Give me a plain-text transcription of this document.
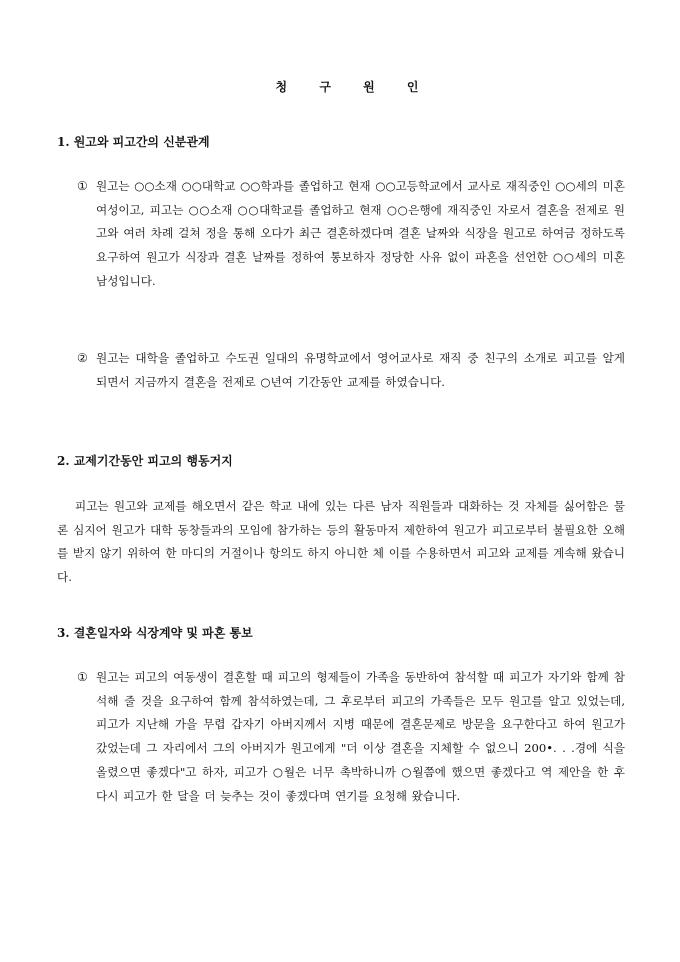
청 구 원 인
1. 원고와 피고간의 신분관계
① 원고는 ○○소재 ○○대학교 ○○학과를 졸업하고 현재 ○○고등학교에서 교사로 재직중인 ○○세의 미혼 여성이고, 피고는 ○○소재 ○○대학교를 졸업하고 현재 ○○은행에 재직중인 자로서 결혼을 전제로 원고와 여러 차례 걸쳐 정을 통해 오다가 최근 결혼하겠다며 결혼 날짜와 식장을 원고로 하여금 정하도록 요구하여 원고가 식장과 결혼 날짜를 정하여 통보하자 정당한 사유 없이 파혼을 선언한 ○○세의 미혼 남성입니다.
② 원고는 대학을 졸업하고 수도권 일대의 유명학교에서 영어교사로 재직 중 친구의 소개로 피고를 알게 되면서 지금까지 결혼을 전제로 ○년여 기간동안 교제를 하였습니다.
2. 교제기간동안 피고의 행동거지
피고는 원고와 교제를 해오면서 같은 학교 내에 있는 다른 남자 직원들과 대화하는 것 자체를 싫어함은 물론 심지어 원고가 대학 동창들과의 모임에 참가하는 등의 활동마저 제한하여 원고가 피고로부터 불필요한 오해를 받지 않기 위하여 한 마디의 거절이나 항의도 하지 아니한 체 이를 수용하면서 피고와 교제를 계속해 왔습니다.
3. 결혼일자와 식장계약 및 파혼 통보
① 원고는 피고의 여동생이 결혼할 때 피고의 형제들이 가족을 동반하여 참석할 때 피고가 자기와 함께 참석해 줄 것을 요구하여 함께 참석하였는데, 그 후로부터 피고의 가족들은 모두 원고를 알고 있었는데, 피고가 지난해 가을 무렵 갑자기 아버지께서 지병 때문에 결혼문제로 방문을 요구한다고 하여 원고가 갔었는데 그 자리에서 그의 아버지가 원고에게 "더 이상 결혼을 지체할 수 없으니 200•. . .경에 식을 올렸으면 좋겠다"고 하자, 피고가 ○월은 너무 촉박하니까 ○월쯤에 했으면 좋겠다고 역 제안을 한 후 다시 피고가 한 달을 더 늦추는 것이 좋겠다며 연기를 요청해 왔습니다.
